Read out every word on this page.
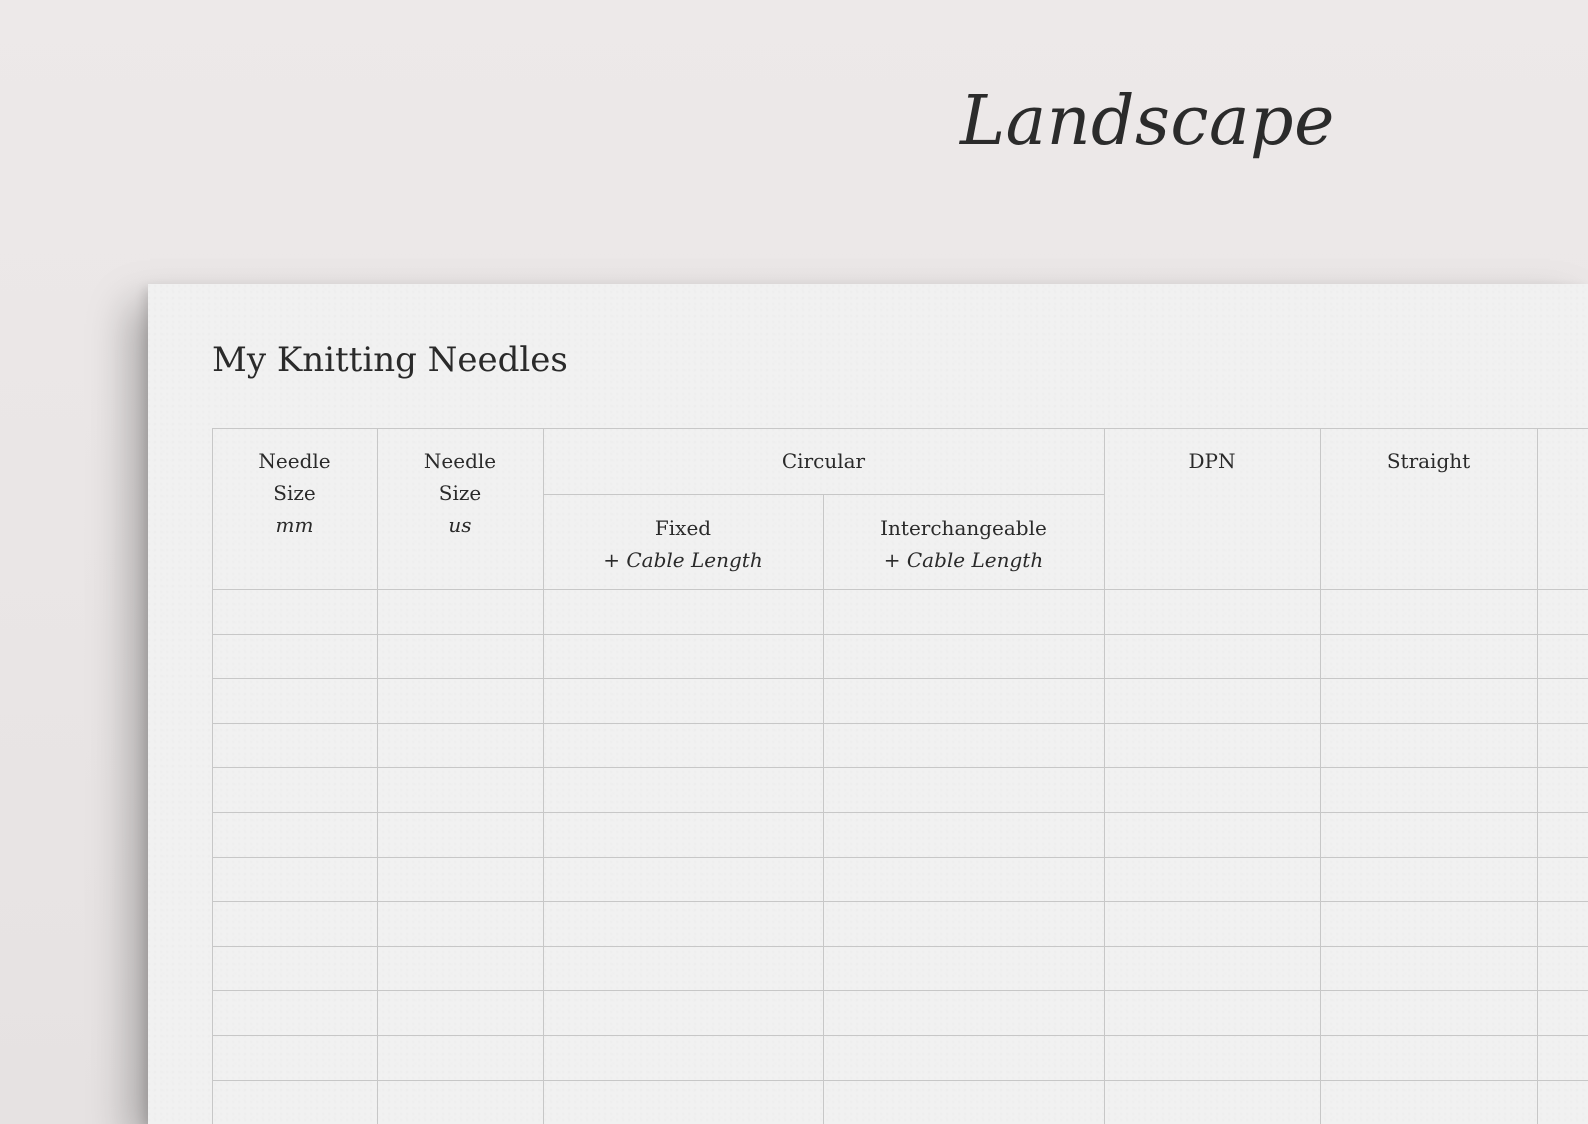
Landscape
My Knitting Needles
Needle
Size
mm
Needle
Size
us
Circular
Fixed
+ Cable Length
Interchangeable
+ Cable Length
DPN	Straight
